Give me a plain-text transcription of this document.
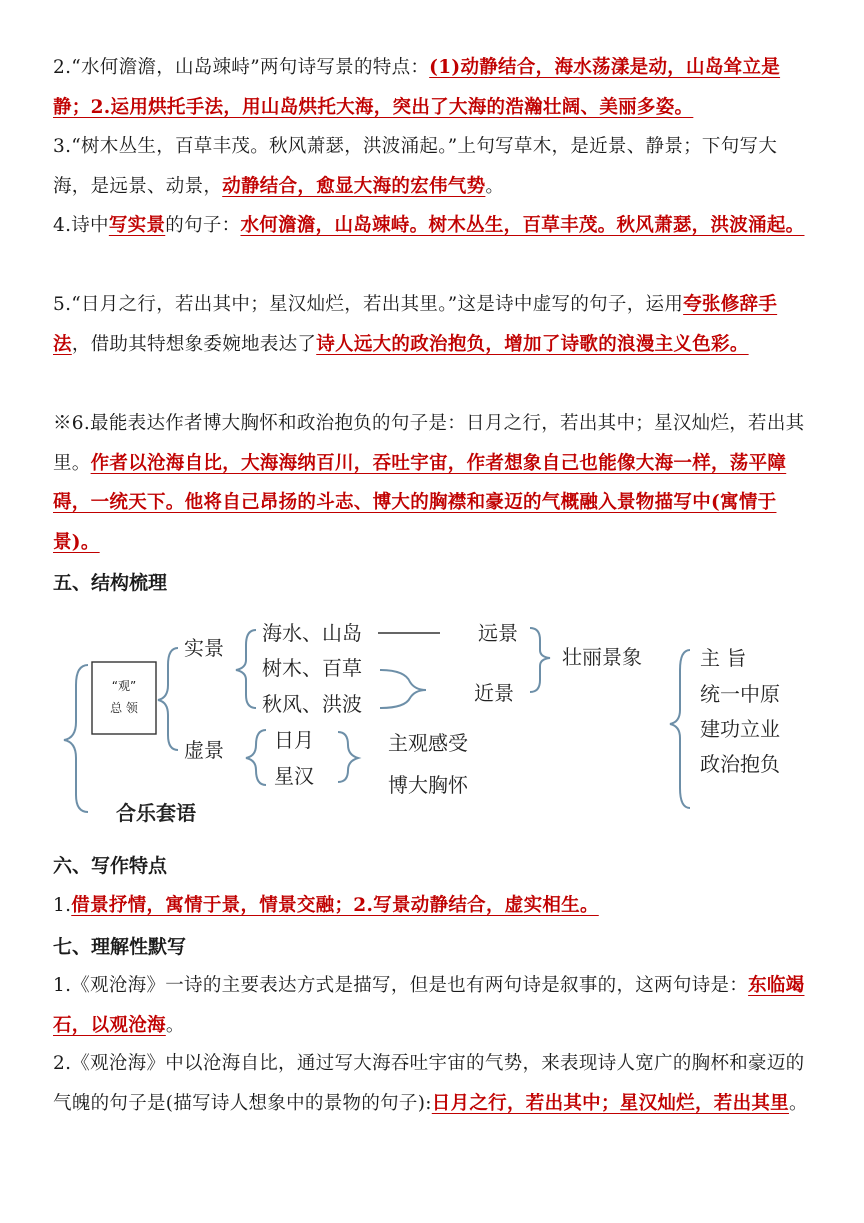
2.“水何澹澹，山岛竦峙”两句诗写景的特点：(1)动静结合，海水荡漾是动，山岛耸立是静；2.运用烘托手法，用山岛烘托大海，突出了大海的浩瀚壮阔、美丽多姿。
3.“树木丛生，百草丰茂。秋风萧瑟，洪波涌起。”上句写草木，是近景、静景；下句写大海，是远景、动景，动静结合，愈显大海的宏伟气势。
4.诗中写实景的句子：水何澹澹，山岛竦峙。树木丛生，百草丰茂。秋风萧瑟，洪波涌起。
5.“日月之行，若出其中；星汉灿烂，若出其里。”这是诗中虚写的句子，运用夸张修辞手法，借助其特想象委婉地表达了诗人远大的政治抱负，增加了诗歌的浪漫主义色彩。
※6.最能表达作者博大胸怀和政治抱负的句子是：日月之行，若出其中；星汉灿烂，若出其里。作者以沧海自比，大海海纳百川，吞吐宇宙，作者想象自己也能像大海一样，荡平障碍，一统天下。他将自己昂扬的斗志、博大的胸襟和豪迈的气概融入景物描写中(寓情于景)。
五、结构梳理
“观”
总 领
实景
虚景
海水、山岛
树木、百草
秋风、洪波
远景
近景
壮丽景象
日月
星汉
主观感受
博大胸怀
主 旨
统一中原
建功立业
政治抱负
合乐套语
六、写作特点
1.借景抒情，寓情于景，情景交融；2.写景动静结合，虚实相生。
七、理解性默写
1.《观沧海》一诗的主要表达方式是描写，但是也有两句诗是叙事的，这两句诗是：东临竭石，以观沧海。
2.《观沧海》中以沧海自比，通过写大海吞吐宇宙的气势，来表现诗人宽广的胸杯和豪迈的气魄的句子是(描写诗人想象中的景物的句子):日月之行，若出其中；星汉灿烂，若出其里。
